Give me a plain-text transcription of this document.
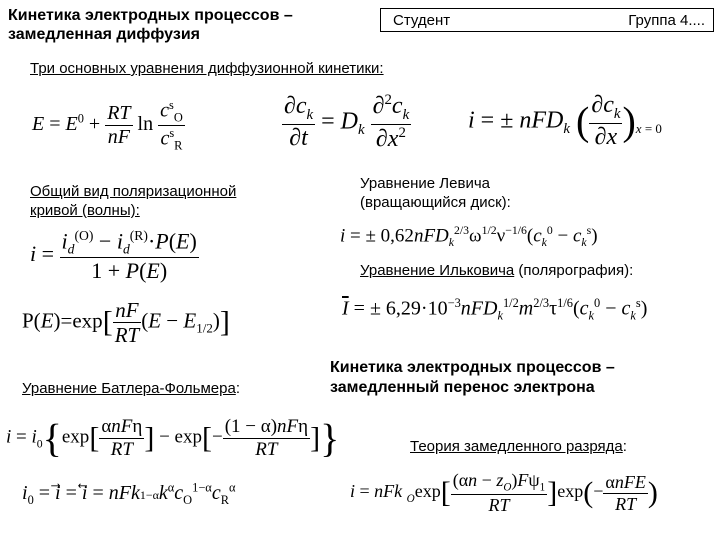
Кинетика электродных процессов – замедленная диффузия
Студент	Группа 4....
Три основных уравнения диффузионной кинетики:
$E = E^0 + \frac{RT}{nF}$ $\ln \frac{c^s_O}{c^s_R}$	$\frac{\partial c_k}{\partial t} = D_k \frac{\partial^2c_k}{\partial x^2}$ i = ± nFD$_k$ ( $\frac{\partial c_k}{\partial x} )_{x = 0}$
Общий вид поляризационной кривой (волны):
$i = \frac{i_d^{(O)} - i_d^{(R)}\cdot P(E)}{1 + P(E)}$
$P(E)=\exp[ \frac{nF}{RT} (E - E_{1/2})]$
Уравнение Левича (вращающийся диск):
i = ± $0,62nFD_k^{2/3}\omega^{1/2}\nu^{-1/6}(c_k^0 - c_k^s)$
Уравнение Ильковича (полярография):
$\overline{I}$ = ± $6,29\cdot 10^{-3}nFD_k^{1/2}m^{2/3}\tau^{1/6}(c_k^0 - c_k^s)$
Уравнение Батлера-Фольмера:
Кинетика электродных процессов – замедленный перенос электрона
$i = i_0\{\exp[ \frac{\text{αnFη}}{RT}$ ] − $\exp[- \frac{\text{(1 − α)nFη}}{RT}$ ]}
$i_0$ = i⃗ = i⃖ = $nFk1-\alpha k^\alpha c_O^{1-\alpha}c_R^\alpha$
Теория замедленного разряда:
i = nFk $_O\exp[ \frac{(\alpha n - z_O)F\psi_1}{RT} ]\exp(- \frac{\text{αnFE}}{RT}$ )
